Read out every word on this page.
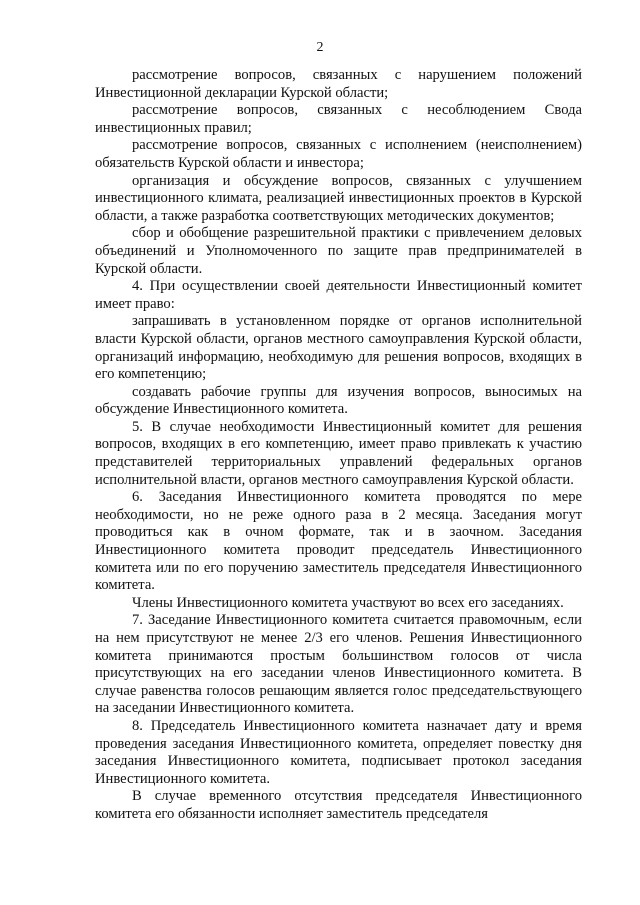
2

рассмотрение вопросов, связанных с нарушением положений Инвестиционной декларации Курской области;

рассмотрение вопросов, связанных с несоблюдением Свода инвестиционных правил;

рассмотрение вопросов, связанных с исполнением (неисполнением) обязательств Курской области и инвестора;

организация и обсуждение вопросов, связанных с улучшением инвестиционного климата, реализацией инвестиционных проектов в Курской области, а также разработка соответствующих методических документов;

сбор и обобщение разрешительной практики с привлечением деловых объединений и Уполномоченного по защите прав предпринимателей в Курской области.

4. При осуществлении своей деятельности Инвестиционный комитет имеет право:

запрашивать в установленном порядке от органов исполнительной власти Курской области, органов местного самоуправления Курской области, организаций информацию, необходимую для решения вопросов, входящих в его компетенцию;

создавать рабочие группы для изучения вопросов, выносимых на обсуждение Инвестиционного комитета.

5. В случае необходимости Инвестиционный комитет для решения вопросов, входящих в его компетенцию, имеет право привлекать к участию представителей территориальных управлений федеральных органов исполнительной власти, органов местного самоуправления Курской области.

6. Заседания Инвестиционного комитета проводятся по мере необходимости, но не реже одного раза в 2 месяца. Заседания могут проводиться как в очном формате, так и в заочном. Заседания Инвестиционного комитета проводит председатель Инвестиционного комитета или по его поручению заместитель председателя Инвестиционного комитета.

Члены Инвестиционного комитета участвуют во всех его заседаниях.

7. Заседание Инвестиционного комитета считается правомочным, если на нем присутствуют не менее 2/3 его членов. Решения Инвестиционного комитета принимаются простым большинством голосов от числа присутствующих на его заседании членов Инвестиционного комитета. В случае равенства голосов решающим является голос председательствующего на заседании Инвестиционного комитета.

8. Председатель Инвестиционного комитета назначает дату и время проведения заседания Инвестиционного комитета, определяет повестку дня заседания Инвестиционного комитета, подписывает протокол заседания Инвестиционного комитета.

В случае временного отсутствия председателя Инвестиционного комитета его обязанности исполняет заместитель председателя
